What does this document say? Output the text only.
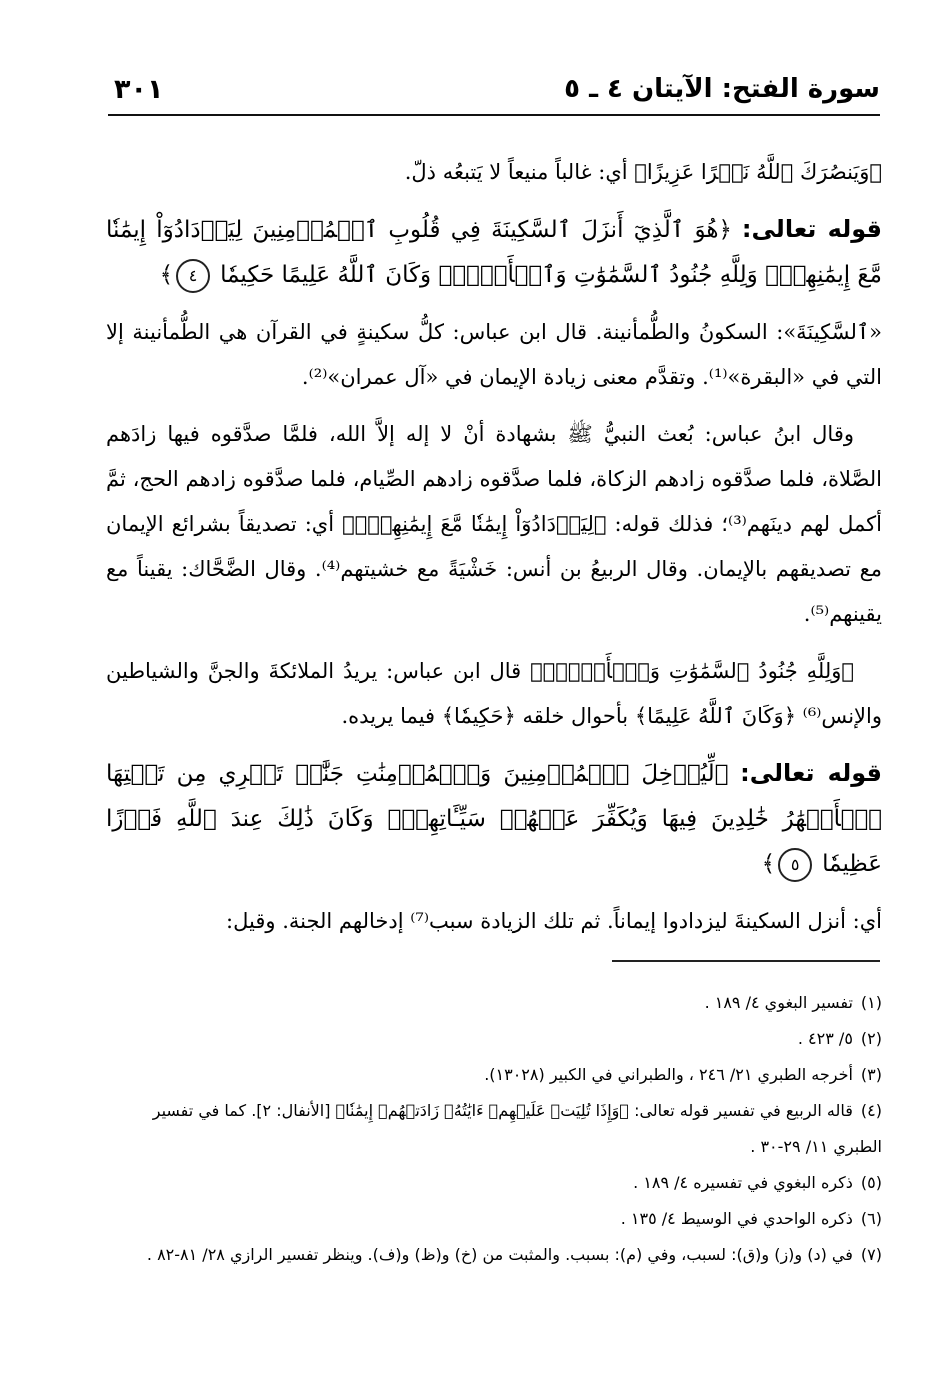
سورة الفتح: الآيتان ٤ ـ ٥
٣٠١

﴿وَيَنصُرَكَ ٱللَّهُ نَصۡرًا عَزِيزًا﴾ أي: غالباً منيعاً لا يَتبعُه ذلّ.

قوله تعالى: ﴿هُوَ ٱلَّذِيٓ أَنزَلَ ٱلسَّكِينَةَ فِي قُلُوبِ ٱلۡمُؤۡمِنِينَ لِيَزۡدَادُوٓاْ إِيمَٰنٗا مَّعَ إِيمَٰنِهِمۡۗ وَلِلَّهِ جُنُودُ ٱلسَّمَٰوَٰتِ وَٱلۡأَرۡضِۚ وَكَانَ ٱللَّهُ عَلِيمًا حَكِيمٗا ٤﴾

«ٱلسَّكِينَةَ»: السكونُ والطُّمأنينة. قال ابن عباس: كلُّ سكينةٍ في القرآن هي الطُّمأنينة إلا التي في «البقرة»⁽¹⁾. وتقدَّم معنى زيادة الإيمان في «آل عمران»⁽²⁾.

وقال ابنُ عباس: بُعث النبيُّ ﷺ بشهادة أنْ لا إله إلاَّ الله، فلمَّا صدَّقوه فيها زادَهم الصَّلاة، فلما صدَّقوه زادهم الزكاة، فلما صدَّقوه زادهم الصِّيام، فلما صدَّقوه زادهم الحج، ثمَّ أكمل لهم دينَهم⁽³⁾؛ فذلك قوله: ﴿لِيَزۡدَادُوٓاْ إِيمَٰنٗا مَّعَ إِيمَٰنِهِمۡۗ﴾ أي: تصديقاً بشرائع الإيمان مع تصديقهم بالإيمان. وقال الربيعُ بن أنس: خَشْيَةً مع خشيتهم⁽⁴⁾. وقال الضَّحَّاك: يقيناً مع يقينهم⁽⁵⁾.

﴿وَلِلَّهِ جُنُودُ ٱلسَّمَٰوَٰتِ وَٱلۡأَرۡضِۚ﴾ قال ابن عباس: يريدُ الملائكةَ والجنَّ والشياطين والإنس⁽⁶⁾ ﴿وَكَانَ ٱللَّهُ عَلِيمًا﴾ بأحوال خلقه ﴿حَكِيمٗا﴾ فيما يريده.

قوله تعالى: ﴿لِّيُدۡخِلَ ٱلۡمُؤۡمِنِينَ وَٱلۡمُؤۡمِنَٰتِ جَنَّٰتٖ تَجۡرِي مِن تَحۡتِهَا ٱلۡأَنۡهَٰرُ خَٰلِدِينَ فِيهَا وَيُكَفِّرَ عَنۡهُمۡ سَيِّـَٔاتِهِمۡۚ وَكَانَ ذَٰلِكَ عِندَ ٱللَّهِ فَوۡزًا عَظِيمٗا ٥﴾

أي: أنزل السكينةَ ليزدادوا إيماناً. ثم تلك الزيادة سبب⁽⁷⁾ إدخالهم الجنة. وقيل:

(١)تفسير البغوي ٤/ ١٨٩ .

(٢)٥/ ٤٢٣ .

(٣)أخرجه الطبري ٢١/ ٢٤٦ ، والطبراني في الكبير (١٣٠٢٨).

(٤)قاله الربيع في تفسير قوله تعالى: ﴿وَإِذَا تُلِيَتۡ عَلَيۡهِمۡ ءَايَٰتُهُۥ زَادَتۡهُمۡ إِيمَٰنٗا﴾ [الأنفال: ٢]. كما في تفسير الطبري ١١/ ٢٩-٣٠ .

(٥)ذكره البغوي في تفسيره ٤/ ١٨٩ .

(٦)ذكره الواحدي في الوسيط ٤/ ١٣٥ .

(٧)في (د) و(ز) و(ق): لسبب، وفي (م): بسبب. والمثبت من (خ) و(ظ) و(ف). وينظر تفسير الرازي ٢٨/ ٨١-٨٢ .
